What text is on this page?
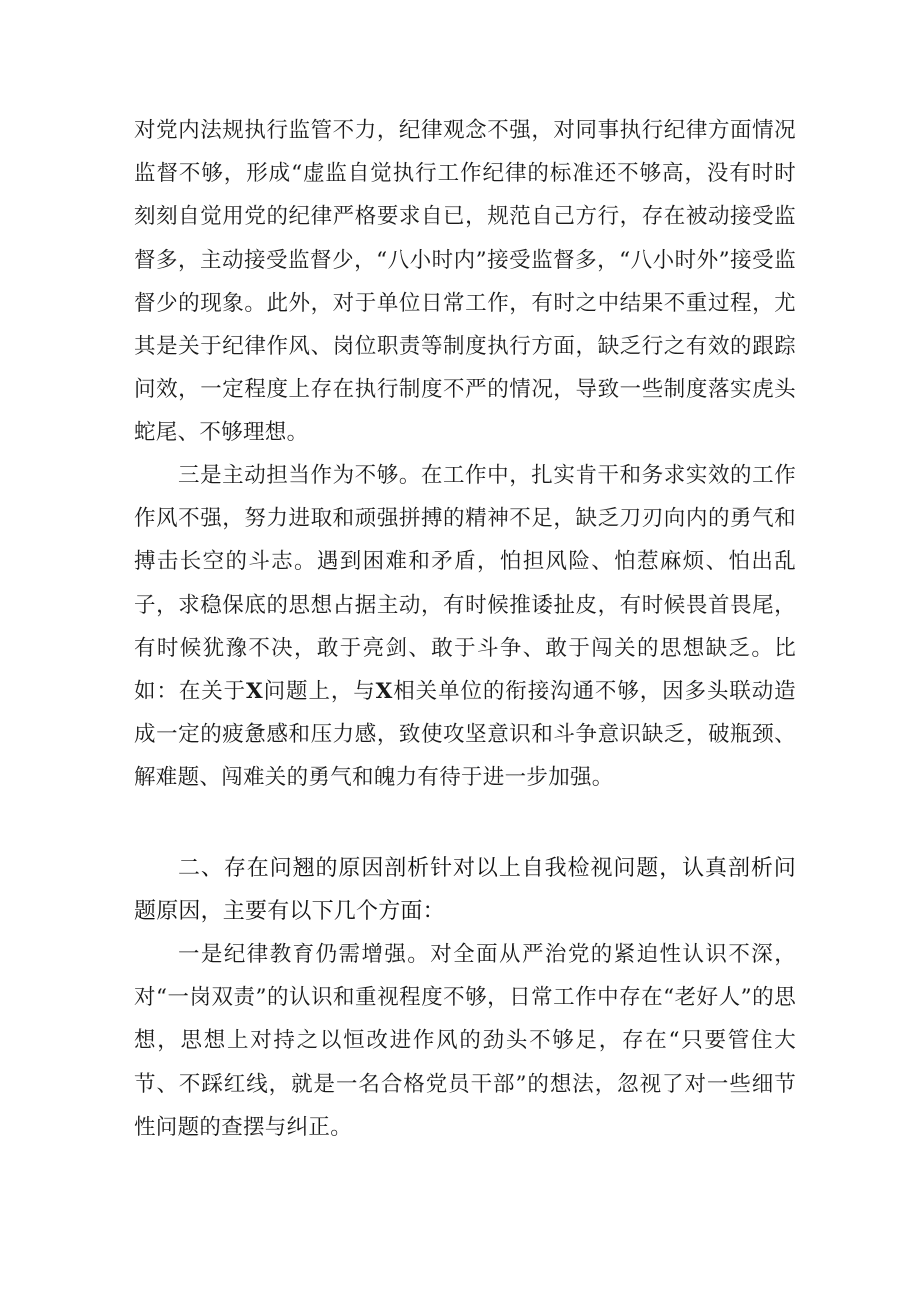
对党内法规执行监管不力，纪律观念不强，对同事执行纪律方面情况监督不够，形成“虚监自觉执行工作纪律的标准还不够高，没有时时刻刻自觉用党的纪律严格要求自已，规范自己方行，存在被动接受监督多，主动接受监督少，“八小时内”接受监督多，“八小时外”接受监督少的现象。此外，对于单位日常工作，有时之中结果不重过程，尤其是关于纪律作风、岗位职责等制度执行方面，缺乏行之有效的跟踪问效，一定程度上存在执行制度不严的情况，导致一些制度落实虎头蛇尾、不够理想。

三是主动担当作为不够。在工作中，扎实肯干和务求实效的工作作风不强，努力进取和顽强拼搏的精神不足，缺乏刀刃向内的勇气和搏击长空的斗志。遇到困难和矛盾，怕担风险、怕惹麻烦、怕出乱子，求稳保底的思想占据主动，有时候推诿扯皮，有时候畏首畏尾，有时候犹豫不决，敢于亮剑、敢于斗争、敢于闯关的思想缺乏。比如：在关于X问题上，与X相关单位的衔接沟通不够，因多头联动造成一定的疲惫感和压力感，致使攻坚意识和斗争意识缺乏，破瓶颈、解难题、闯难关的勇气和魄力有待于进一步加强。

二、存在问翘的原因剖析针对以上自我检视问题，认真剖析问题原因，主要有以下几个方面：

一是纪律教育仍需增强。对全面从严治党的紧迫性认识不深，对“一岗双责”的认识和重视程度不够，日常工作中存在“老好人”的思想，思想上对持之以恒改进作风的劲头不够足，存在“只要管住大节、不踩红线，就是一名合格党员干部”的想法，忽视了对一些细节性问题的查摆与纠正。
